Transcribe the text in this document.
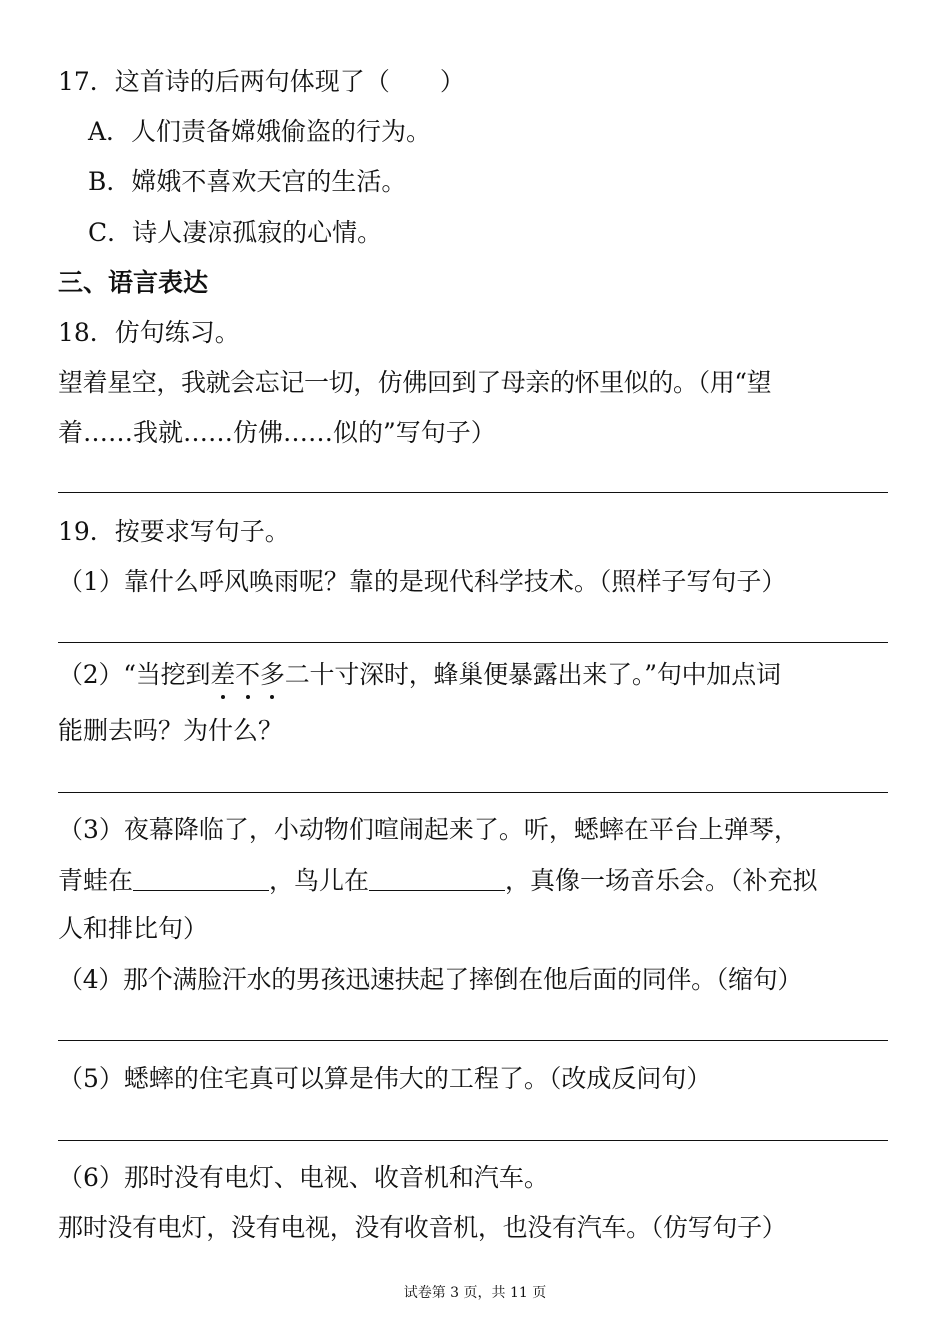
17．这首诗的后两句体现了（　　）
A．人们责备嫦娥偷盗的行为。
B．嫦娥不喜欢天宫的生活。
C．诗人凄凉孤寂的心情。
三、语言表达
18．仿句练习。
望着星空，我就会忘记一切，仿佛回到了母亲的怀里似的。（用“望
着……我就……仿佛……似的”写句子）
19．按要求写句子。
（1）靠什么呼风唤雨呢？靠的是现代科学技术。（照样子写句子）
（2）“当挖到差不多二十寸深时，蜂巢便暴露出来了。”句中加点词
能删去吗？为什么？
（3）夜幕降临了，小动物们喧闹起来了。听，蟋蟀在平台上弹琴，
青蛙在	，鸟儿在	，真像一场音乐会。（补充拟
人和排比句）
（4）那个满脸汗水的男孩迅速扶起了摔倒在他后面的同伴。（缩句）
（5）蟋蟀的住宅真可以算是伟大的工程了。（改成反问句）
（6）那时没有电灯、电视、收音机和汽车。
那时没有电灯，没有电视，没有收音机，也没有汽车。（仿写句子）
试卷第 3 页，共 11 页
